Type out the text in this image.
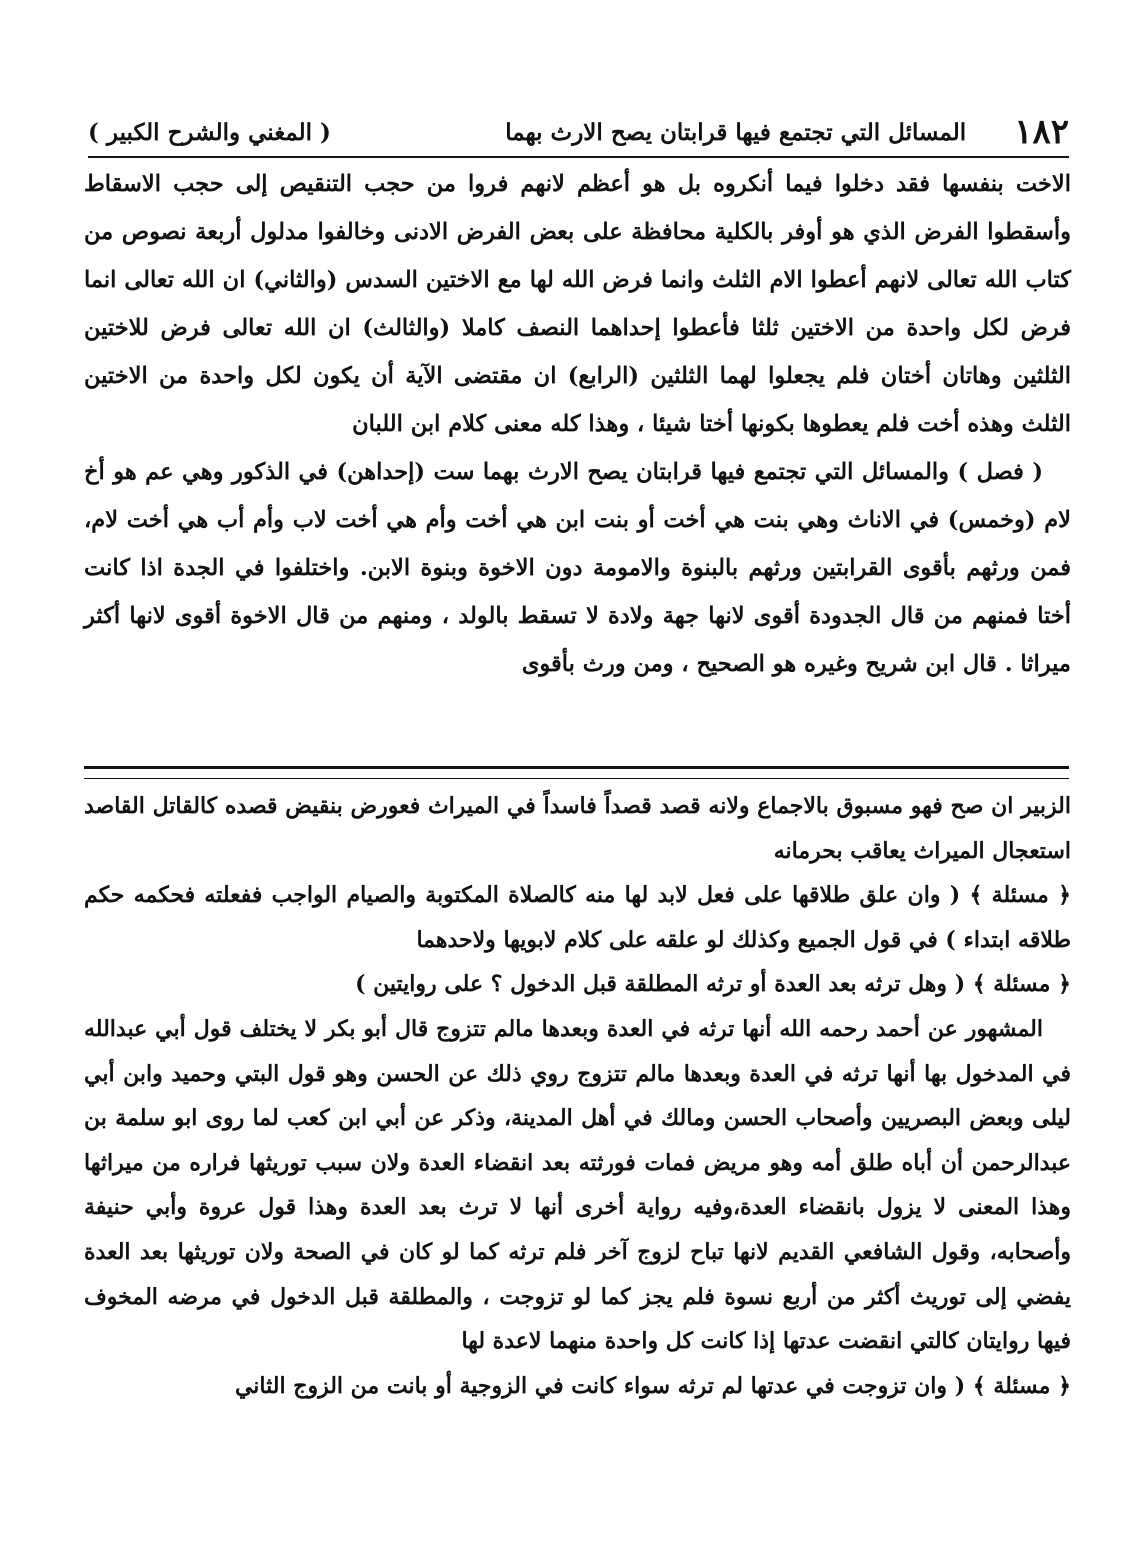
١٨٢
المسائل التي تجتمع فيها قرابتان يصح الارث بهما
( المغني والشرح الكبير )

الاخت بنفسها فقد دخلوا فيما أنكروه بل هو أعظم لانهم فروا من حجب التنقيص إلى حجب الاسقاط وأسقطوا الفرض الذي هو أوفر بالكلية محافظة على بعض الفرض الادنى وخالفوا مدلول أربعة نصوص من كتاب الله تعالى لانهم أعطوا الام الثلث وانما فرض الله لها مع الاختين السدس (والثاني) ان الله تعالى انما فرض لكل واحدة من الاختين ثلثا فأعطوا إحداهما النصف كاملا (والثالث) ان الله تعالى فرض للاختين الثلثين وهاتان أختان فلم يجعلوا لهما الثلثين (الرابع) ان مقتضى الآية أن يكون لكل واحدة من الاختين الثلث وهذه أخت فلم يعطوها بكونها أختا شيئا ، وهذا كله معنى كلام ابن اللبان

( فصل ) والمسائل التي تجتمع فيها قرابتان يصح الارث بهما ست (إحداهن) في الذكور وهي عم هو أخ لام (وخمس) في الاناث وهي بنت هي أخت أو بنت ابن هي أخت وأم هي أخت لاب وأم أب هي أخت لام، فمن ورثهم بأقوى القرابتين ورثهم بالبنوة والامومة دون الاخوة وبنوة الابن. واختلفوا في الجدة اذا كانت أختا فمنهم من قال الجدودة أقوى لانها جهة ولادة لا تسقط بالولد ، ومنهم من قال الاخوة أقوى لانها أكثر ميراثا . قال ابن شريح وغيره هو الصحيح ، ومن ورث بأقوى

الزبير ان صح فهو مسبوق بالاجماع ولانه قصد قصداً فاسداً في الميراث فعورض بنقيض قصده كالقاتل القاصد استعجال الميراث يعاقب بحرمانه

﴿ مسئلة ﴾ ( وان علق طلاقها على فعل لابد لها منه كالصلاة المكتوبة والصيام الواجب ففعلته فحكمه حكم طلاقه ابتداء ) في قول الجميع وكذلك لو علقه على كلام لابويها ولاحدهما

﴿ مسئلة ﴾ ( وهل ترثه بعد العدة أو ترثه المطلقة قبل الدخول ؟ على روايتين )

المشهور عن أحمد رحمه الله أنها ترثه في العدة وبعدها مالم تتزوج قال أبو بكر لا يختلف قول أبي عبدالله في المدخول بها أنها ترثه في العدة وبعدها مالم تتزوج روي ذلك عن الحسن وهو قول البتي وحميد وابن أبي ليلى وبعض البصريين وأصحاب الحسن ومالك في أهل المدينة، وذكر عن أبي ابن كعب لما روى ابو سلمة بن عبدالرحمن أن أباه طلق أمه وهو مريض فمات فورثته بعد انقضاء العدة ولان سبب توريثها فراره من ميراثها وهذا المعنى لا يزول بانقضاء العدة،وفيه رواية أخرى أنها لا ترث بعد العدة وهذا قول عروة وأبي حنيفة وأصحابه، وقول الشافعي القديم لانها تباح لزوج آخر فلم ترثه كما لو كان في الصحة ولان توريثها بعد العدة يفضي إلى توريث أكثر من أربع نسوة فلم يجز كما لو تزوجت ، والمطلقة قبل الدخول في مرضه المخوف فيها روايتان كالتي انقضت عدتها إذا كانت كل واحدة منهما لاعدة لها

﴿ مسئلة ﴾ ( وان تزوجت في عدتها لم ترثه سواء كانت في الزوجية أو بانت من الزوج الثاني
